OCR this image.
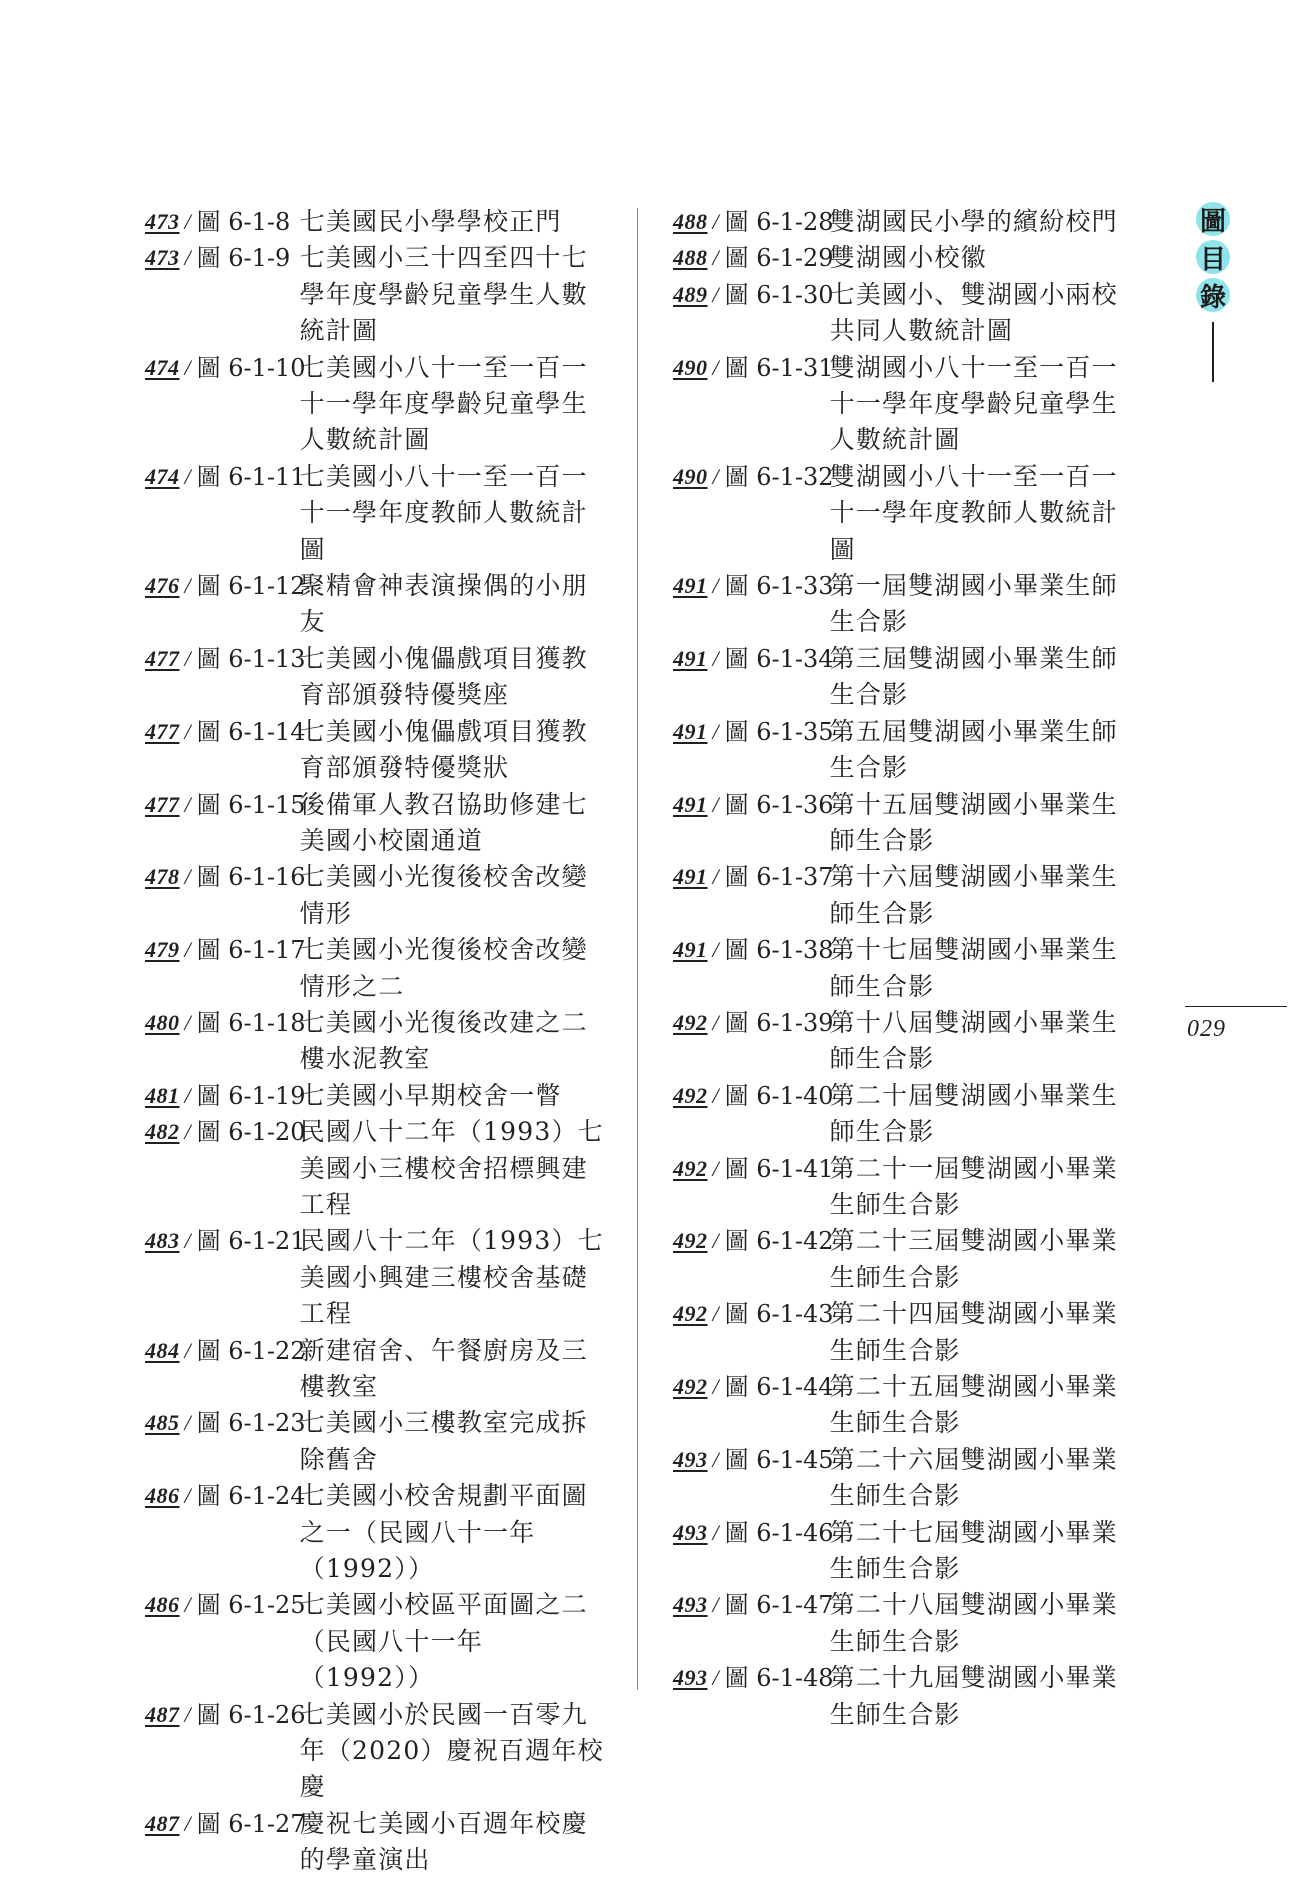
473 / 圖 6-1-8 七美國民小學學校正門
473 / 圖 6-1-9 七美國小三十四至四十七學年度學齡兒童學生人數統計圖
474 / 圖 6-1-10
七美國小八十一至一百一十一學年度學齡兒童學生人數統計圖
474 / 圖 6-1-11
七美國小八十一至一百一十一學年度教師人數統計圖
476 / 圖 6-1-12
聚精會神表演操偶的小朋友
477 / 圖 6-1-13
七美國小傀儡戲項目獲教育部頒發特優獎座
477 / 圖 6-1-14
七美國小傀儡戲項目獲教育部頒發特優獎狀
477 / 圖 6-1-15
後備軍人教召協助修建七美國小校園通道
478 / 圖 6-1-16
七美國小光復後校舍改變情形
479 / 圖 6-1-17
七美國小光復後校舍改變情形之二
480 / 圖 6-1-18
七美國小光復後改建之二樓水泥教室
481 / 圖 6-1-19
七美國小早期校舍一瞥
482 / 圖 6-1-20
民國八十二年（1993）七美國小三樓校舍招標興建工程
483 / 圖 6-1-21
民國八十二年（1993）七美國小興建三樓校舍基礎工程
484 / 圖 6-1-22
新建宿舍、午餐廚房及三樓教室
485 / 圖 6-1-23
七美國小三樓教室完成拆除舊舍
486 / 圖 6-1-24
七美國小校舍規劃平面圖之一（民國八十一年（1992））
486 / 圖 6-1-25
七美國小校區平面圖之二（民國八十一年（1992））
487 / 圖 6-1-26
七美國小於民國一百零九年（2020）慶祝百週年校慶
487 / 圖 6-1-27
慶祝七美國小百週年校慶的學童演出
488 / 圖 6-1-28
雙湖國民小學的繽紛校門
488 / 圖 6-1-29
雙湖國小校徽
489 / 圖 6-1-30
七美國小、雙湖國小兩校共同人數統計圖
490 / 圖 6-1-31
雙湖國小八十一至一百一十一學年度學齡兒童學生人數統計圖
490 / 圖 6-1-32
雙湖國小八十一至一百一十一學年度教師人數統計圖
491 / 圖 6-1-33
第一屆雙湖國小畢業生師生合影
491 / 圖 6-1-34
第三屆雙湖國小畢業生師生合影
491 / 圖 6-1-35
第五屆雙湖國小畢業生師生合影
491 / 圖 6-1-36
第十五屆雙湖國小畢業生師生合影
491 / 圖 6-1-37
第十六屆雙湖國小畢業生師生合影
491 / 圖 6-1-38
第十七屆雙湖國小畢業生師生合影
492 / 圖 6-1-39
第十八屆雙湖國小畢業生師生合影
492 / 圖 6-1-40
第二十屆雙湖國小畢業生師生合影
492 / 圖 6-1-41
第二十一屆雙湖國小畢業生師生合影
492 / 圖 6-1-42
第二十三屆雙湖國小畢業生師生合影
492 / 圖 6-1-43
第二十四屆雙湖國小畢業生師生合影
492 / 圖 6-1-44
第二十五屆雙湖國小畢業生師生合影
493 / 圖 6-1-45
第二十六屆雙湖國小畢業生師生合影
493 / 圖 6-1-46
第二十七屆雙湖國小畢業生師生合影
493 / 圖 6-1-47
第二十八屆雙湖國小畢業生師生合影
493 / 圖 6-1-48
第二十九屆雙湖國小畢業生師生合影
圖
目
錄
029
